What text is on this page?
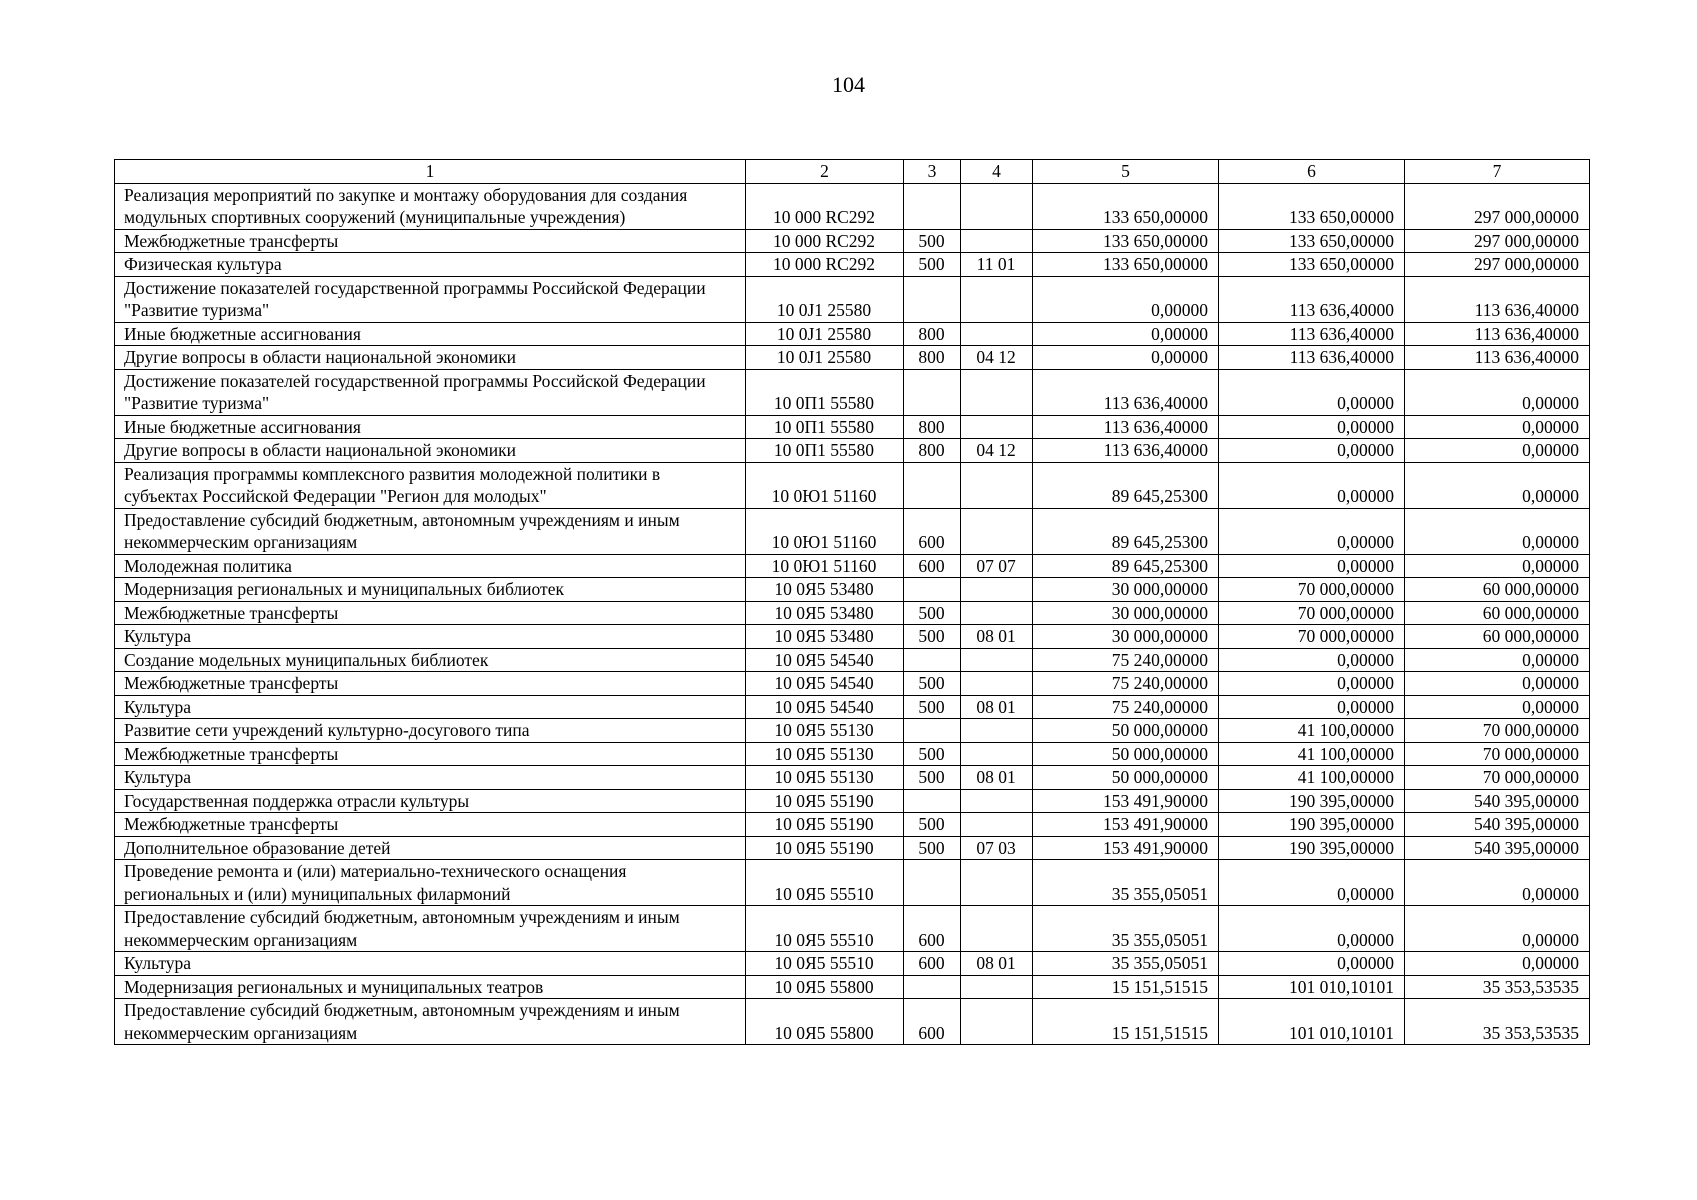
104
1	2	3	4	5	6	7
Реализация мероприятий по закупке и монтажу оборудования для создания модульных спортивных сооружений (муниципальные учреждения)	10 000 RC292			133 650,00000	133 650,00000	297 000,00000
Межбюджетные трансферты	10 000 RC292	500		133 650,00000	133 650,00000	297 000,00000
Физическая культура	10 000 RC292	500	11 01	133 650,00000	133 650,00000	297 000,00000
Достижение показателей государственной программы Российской Федерации "Развитие туризма"	10 0J1 25580			0,00000	113 636,40000	113 636,40000
Иные бюджетные ассигнования	10 0J1 25580	800		0,00000	113 636,40000	113 636,40000
Другие вопросы в области национальной экономики	10 0J1 25580	800	04 12	0,00000	113 636,40000	113 636,40000
Достижение показателей государственной программы Российской Федерации "Развитие туризма"	10 0П1 55580			113 636,40000	0,00000	0,00000
Иные бюджетные ассигнования	10 0П1 55580	800		113 636,40000	0,00000	0,00000
Другие вопросы в области национальной экономики	10 0П1 55580	800	04 12	113 636,40000	0,00000	0,00000
Реализация программы комплексного развития молодежной политики в субъектах Российской Федерации "Регион для молодых"	10 0Ю1 51160			89 645,25300	0,00000	0,00000
Предоставление субсидий бюджетным, автономным учреждениям и иным некоммерческим организациям	10 0Ю1 51160	600		89 645,25300	0,00000	0,00000
Молодежная политика	10 0Ю1 51160	600	07 07	89 645,25300	0,00000	0,00000
Модернизация региональных и муниципальных библиотек	10 0Я5 53480			30 000,00000	70 000,00000	60 000,00000
Межбюджетные трансферты	10 0Я5 53480	500		30 000,00000	70 000,00000	60 000,00000
Культура	10 0Я5 53480	500	08 01	30 000,00000	70 000,00000	60 000,00000
Создание модельных муниципальных библиотек	10 0Я5 54540			75 240,00000	0,00000	0,00000
Межбюджетные трансферты	10 0Я5 54540	500		75 240,00000	0,00000	0,00000
Культура	10 0Я5 54540	500	08 01	75 240,00000	0,00000	0,00000
Развитие сети учреждений культурно-досугового типа	10 0Я5 55130			50 000,00000	41 100,00000	70 000,00000
Межбюджетные трансферты	10 0Я5 55130	500		50 000,00000	41 100,00000	70 000,00000
Культура	10 0Я5 55130	500	08 01	50 000,00000	41 100,00000	70 000,00000
Государственная поддержка отрасли культуры	10 0Я5 55190			153 491,90000	190 395,00000	540 395,00000
Межбюджетные трансферты	10 0Я5 55190	500		153 491,90000	190 395,00000	540 395,00000
Дополнительное образование детей	10 0Я5 55190	500	07 03	153 491,90000	190 395,00000	540 395,00000
Проведение ремонта и (или) материально-технического оснащения региональных и (или) муниципальных филармоний	10 0Я5 55510			35 355,05051	0,00000	0,00000
Предоставление субсидий бюджетным, автономным учреждениям и иным некоммерческим организациям	10 0Я5 55510	600		35 355,05051	0,00000	0,00000
Культура	10 0Я5 55510	600	08 01	35 355,05051	0,00000	0,00000
Модернизация региональных и муниципальных театров	10 0Я5 55800			15 151,51515	101 010,10101	35 353,53535
Предоставление субсидий бюджетным, автономным учреждениям и иным некоммерческим организациям	10 0Я5 55800	600		15 151,51515	101 010,10101	35 353,53535
